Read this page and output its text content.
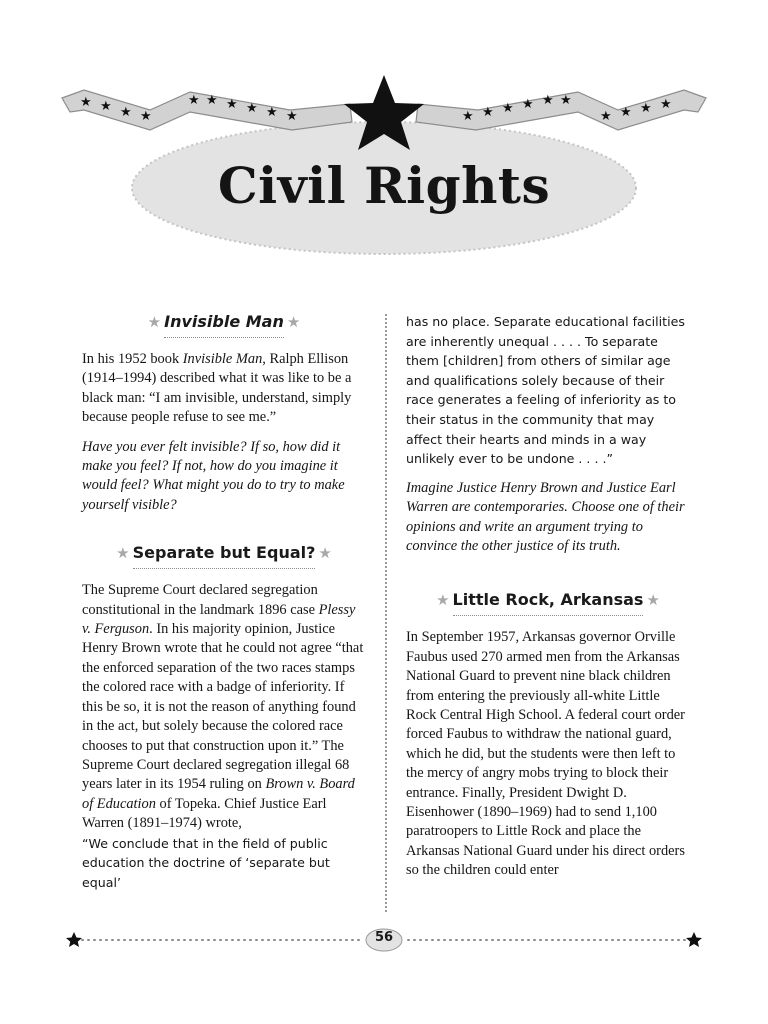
★ ★ ★ ★
★ ★ ★ ★ ★ ★	★ ★ ★ ★ ★ ★
★ ★ ★ ★
Civil Rights
★ Invisible Man ★

In his 1952 book Invisible Man, Ralph Ellison (1914–1994) described what it was like to be a black man: “I am invisible, understand, simply because people refuse to see me.”

Have you ever felt invisible? If so, how did it make you feel? If not, how do you imagine it would feel? What might you do to try to make yourself visible?

★ Separate but Equal? ★

The Supreme Court declared segregation constitutional in the landmark 1896 case Plessy v. Ferguson. In his majority opinion, Justice Henry Brown wrote that he could not agree “that the enforced separation of the two races stamps the colored race with a badge of inferiority. If this be so, it is not the reason of anything found in the act, but solely because the colored race chooses to put that construction upon it.” The Supreme Court declared segregation illegal 68 years later in its 1954 ruling on Brown v. Board of Education of Topeka. Chief Justice Earl Warren (1891–1974) wrote,

“We conclude that in the field of public education the doctrine of ‘separate but equal’

has no place. Separate educational facilities are inherently unequal . . . . To separate them [children] from others of similar age and qualifications solely because of their race generates a feeling of inferiority as to their status in the community that may affect their hearts and minds in a way unlikely ever to be undone . . . .”

Imagine Justice Henry Brown and Justice Earl Warren are contemporaries. Choose one of their opinions and write an argument trying to convince the other justice of its truth.

★ Little Rock, Arkansas ★

In September 1957, Arkansas governor Orville Faubus used 270 armed men from the Arkansas National Guard to prevent nine black children from entering the previously all-white Little Rock Central High School. A federal court order forced Faubus to withdraw the national guard, which he did, but the students were then left to the mercy of angry mobs trying to block their entrance. Finally, President Dwight D. Eisenhower (1890–1969) had to send 1,100 paratroopers to Little Rock and place the Arkansas National Guard under his direct orders so the children could enter

56
